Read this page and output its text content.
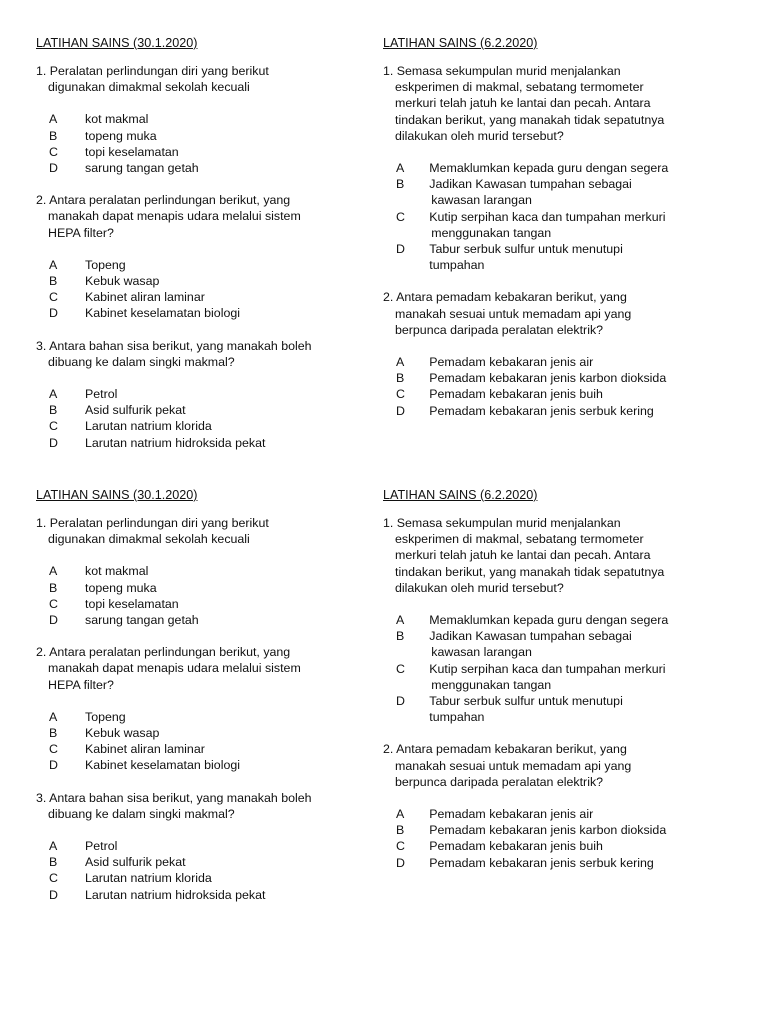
LATIHAN SAINS (30.1.2020)

1. Peralatan perlindungan diri yang berikut
digunakan dimakmal sekolah kecuali
A	kot makmal
B	topeng muka
C	topi keselamatan
D	sarung tangan getah
2. Antara peralatan perlindungan berikut, yang
manakah dapat menapis udara melalui sistem
HEPA filter?
A	Topeng
B	Kebuk wasap
C	Kabinet aliran laminar
D	Kabinet keselamatan biologi
3. Antara bahan sisa berikut, yang manakah boleh
dibuang ke dalam singki makmal?
A	Petrol
B	Asid sulfurik pekat
C	Larutan natrium klorida
D	Larutan natrium hidroksida pekat

LATIHAN SAINS (6.2.2020)

1. Semasa sekumpulan murid menjalankan
eskperimen di makmal, sebatang termometer
merkuri telah jatuh ke lantai dan pecah. Antara
tindakan berikut, yang manakah tidak sepatutnya
dilakukan oleh murid tersebut?
A	Memaklumkan kepada guru dengan segera
B	Jadikan Kawasan tumpahan sebagai
kawasan larangan
C	Kutip serpihan kaca dan tumpahan merkuri
menggunakan tangan
D	Tabur serbuk sulfur untuk menutupi
tumpahan
2. Antara pemadam kebakaran berikut, yang
manakah sesuai untuk memadam api yang
berpunca daripada peralatan elektrik?
A	Pemadam kebakaran jenis air
B	Pemadam kebakaran jenis karbon dioksida
C	Pemadam kebakaran jenis buih
D	Pemadam kebakaran jenis serbuk kering

LATIHAN SAINS (30.1.2020)

1. Peralatan perlindungan diri yang berikut
digunakan dimakmal sekolah kecuali
A	kot makmal
B	topeng muka
C	topi keselamatan
D	sarung tangan getah
2. Antara peralatan perlindungan berikut, yang
manakah dapat menapis udara melalui sistem
HEPA filter?
A	Topeng
B	Kebuk wasap
C	Kabinet aliran laminar
D	Kabinet keselamatan biologi
3. Antara bahan sisa berikut, yang manakah boleh
dibuang ke dalam singki makmal?
A	Petrol
B	Asid sulfurik pekat
C	Larutan natrium klorida
D	Larutan natrium hidroksida pekat

LATIHAN SAINS (6.2.2020)

1. Semasa sekumpulan murid menjalankan
eskperimen di makmal, sebatang termometer
merkuri telah jatuh ke lantai dan pecah. Antara
tindakan berikut, yang manakah tidak sepatutnya
dilakukan oleh murid tersebut?
A	Memaklumkan kepada guru dengan segera
B	Jadikan Kawasan tumpahan sebagai
kawasan larangan
C	Kutip serpihan kaca dan tumpahan merkuri
menggunakan tangan
D	Tabur serbuk sulfur untuk menutupi
tumpahan
2. Antara pemadam kebakaran berikut, yang
manakah sesuai untuk memadam api yang
berpunca daripada peralatan elektrik?
A	Pemadam kebakaran jenis air
B	Pemadam kebakaran jenis karbon dioksida
C	Pemadam kebakaran jenis buih
D	Pemadam kebakaran jenis serbuk kering
